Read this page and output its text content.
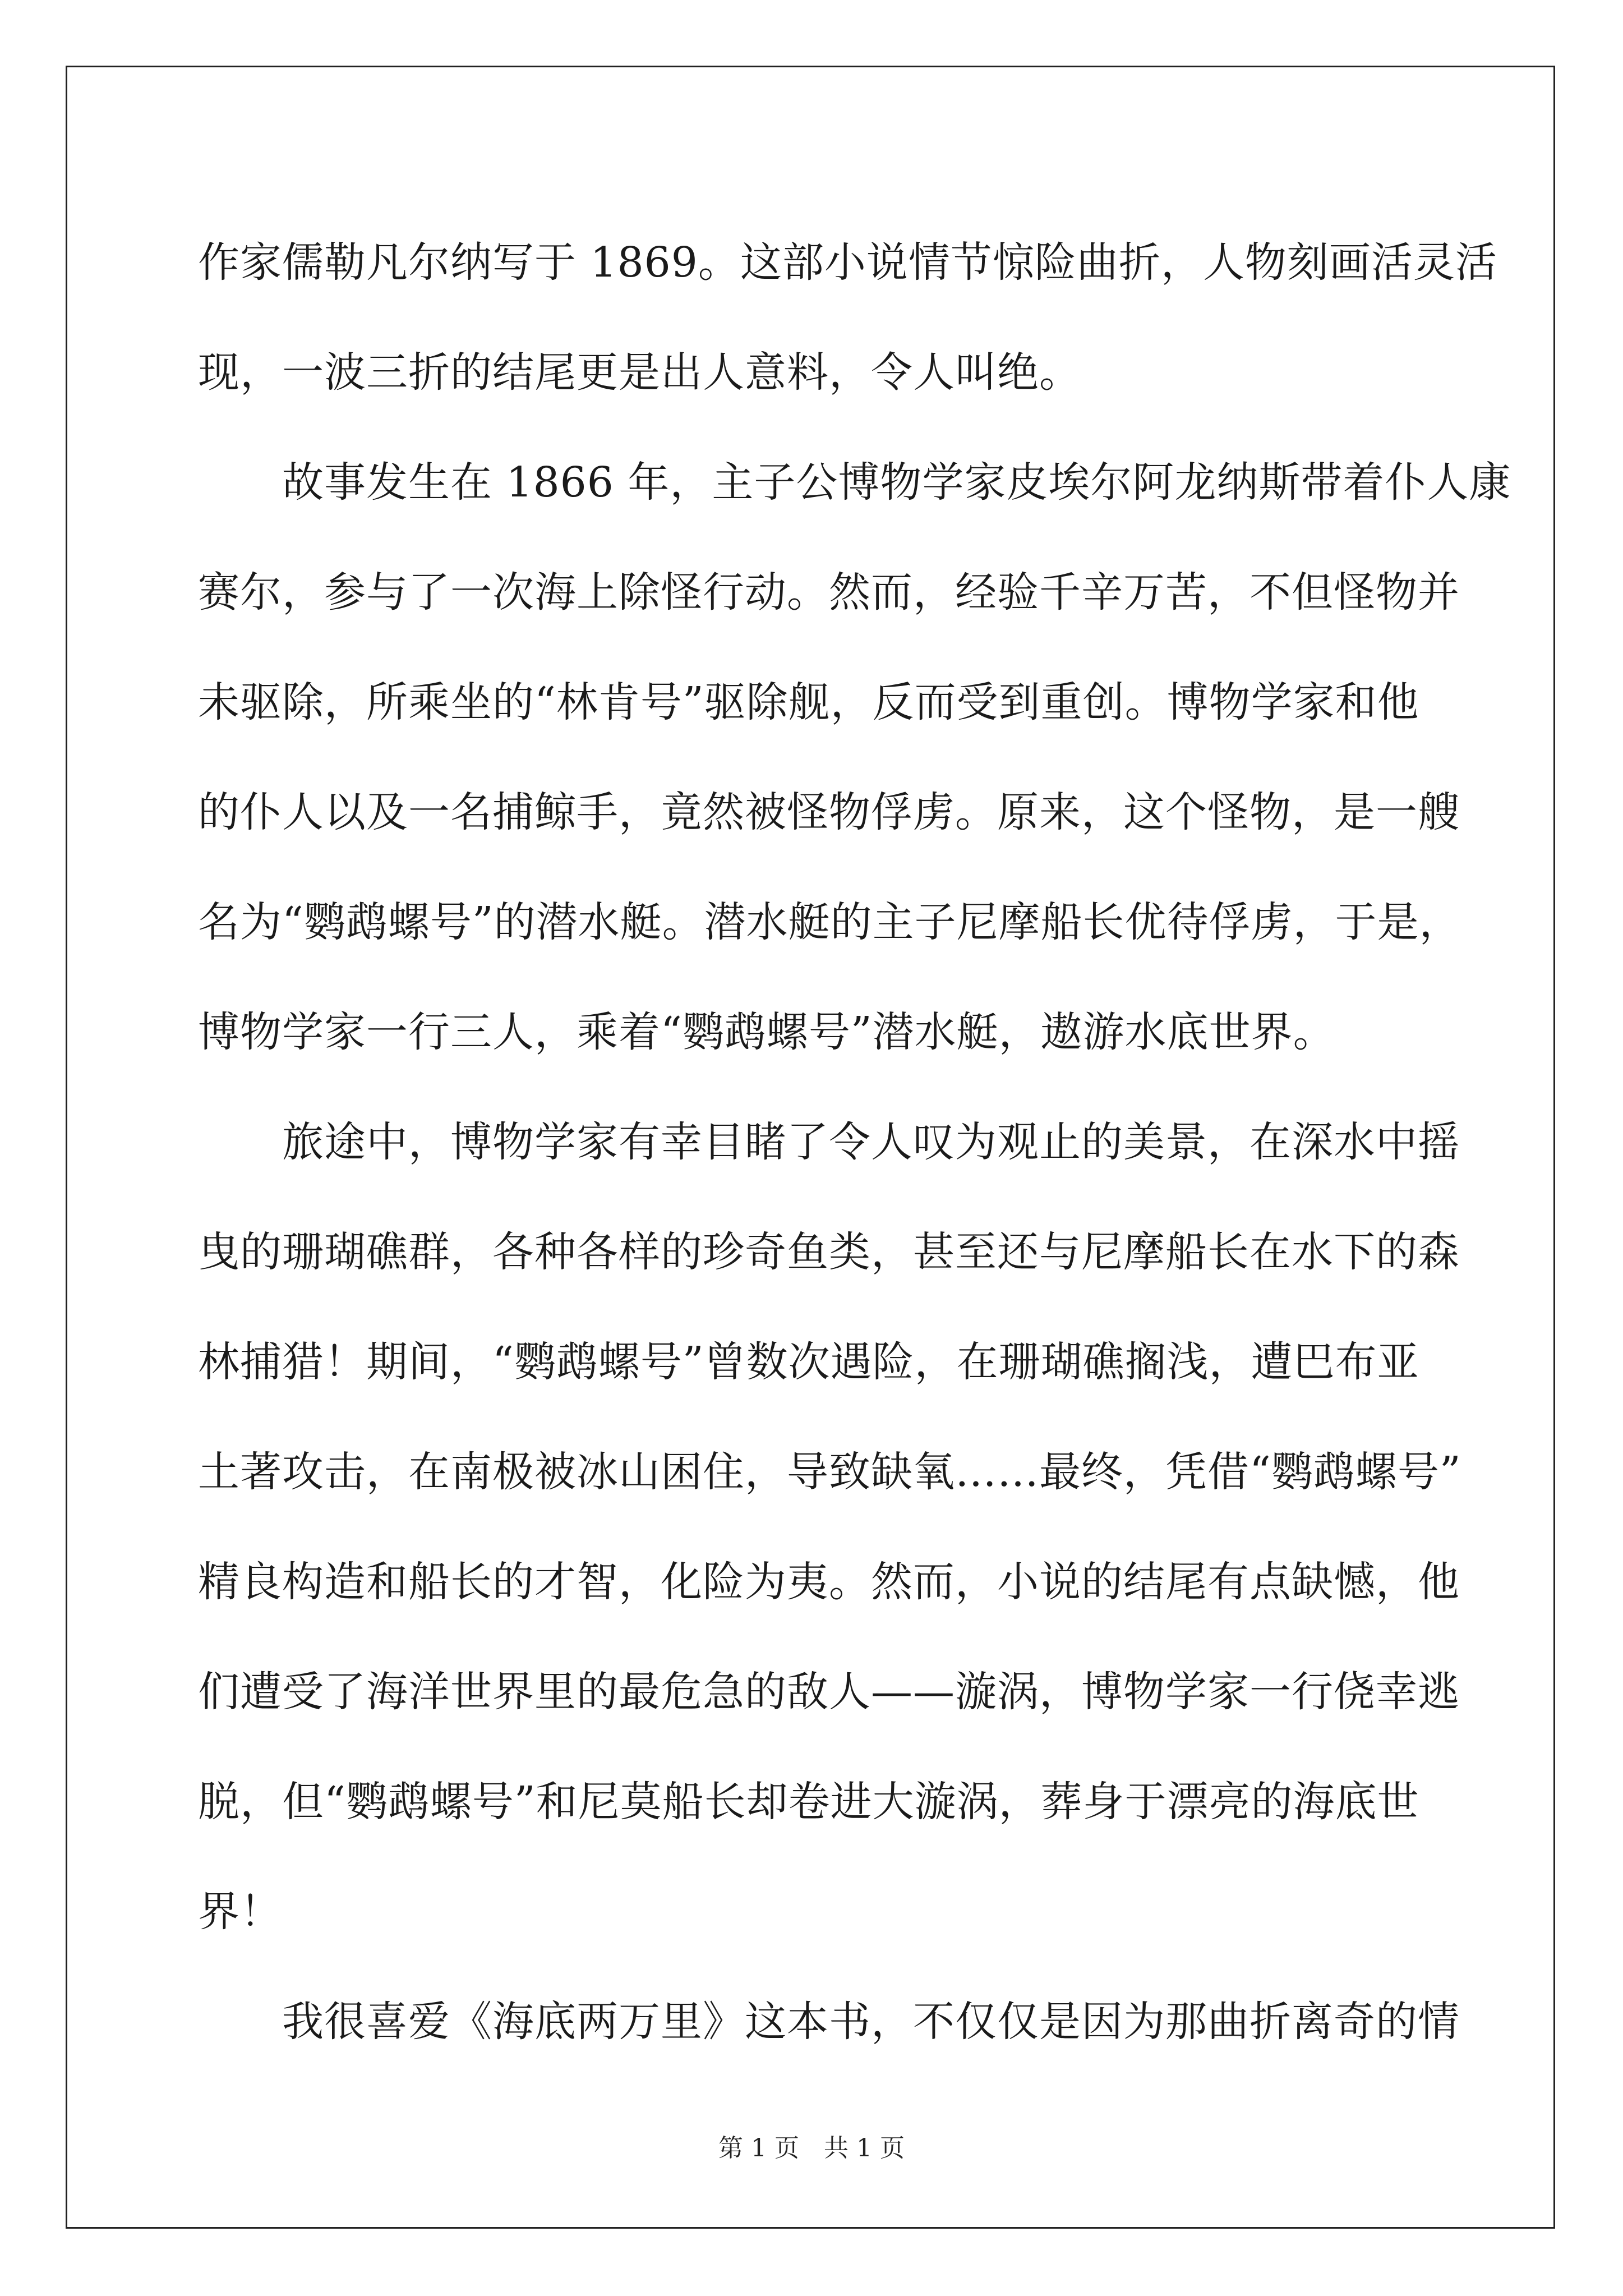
作家儒勒凡尔纳写于 1869。这部小说情节惊险曲折，人物刻画活灵活
现，一波三折的结尾更是出人意料，令人叫绝。
　　故事发生在 1866 年，主子公博物学家皮埃尔阿龙纳斯带着仆人康
赛尔，参与了一次海上除怪行动。然而，经验千辛万苦，不但怪物并
未驱除，所乘坐的“林肯号”驱除舰，反而受到重创。博物学家和他
的仆人以及一名捕鲸手，竟然被怪物俘虏。原来，这个怪物，是一艘
名为“鹦鹉螺号”的潜水艇。潜水艇的主子尼摩船长优待俘虏，于是，
博物学家一行三人，乘着“鹦鹉螺号”潜水艇，遨游水底世界。
　　旅途中，博物学家有幸目睹了令人叹为观止的美景，在深水中摇
曳的珊瑚礁群，各种各样的珍奇鱼类，甚至还与尼摩船长在水下的森
林捕猎！期间，“鹦鹉螺号”曾数次遇险，在珊瑚礁搁浅，遭巴布亚
土著攻击，在南极被冰山困住，导致缺氧……最终，凭借“鹦鹉螺号”
精良构造和船长的才智，化险为夷。然而，小说的结尾有点缺憾，他
们遭受了海洋世界里的最危急的敌人——漩涡，博物学家一行侥幸逃
脱，但“鹦鹉螺号”和尼莫船长却卷进大漩涡，葬身于漂亮的海底世
界！
　　我很喜爱《海底两万里》这本书，不仅仅是因为那曲折离奇的情
第 1 页　共 1 页
